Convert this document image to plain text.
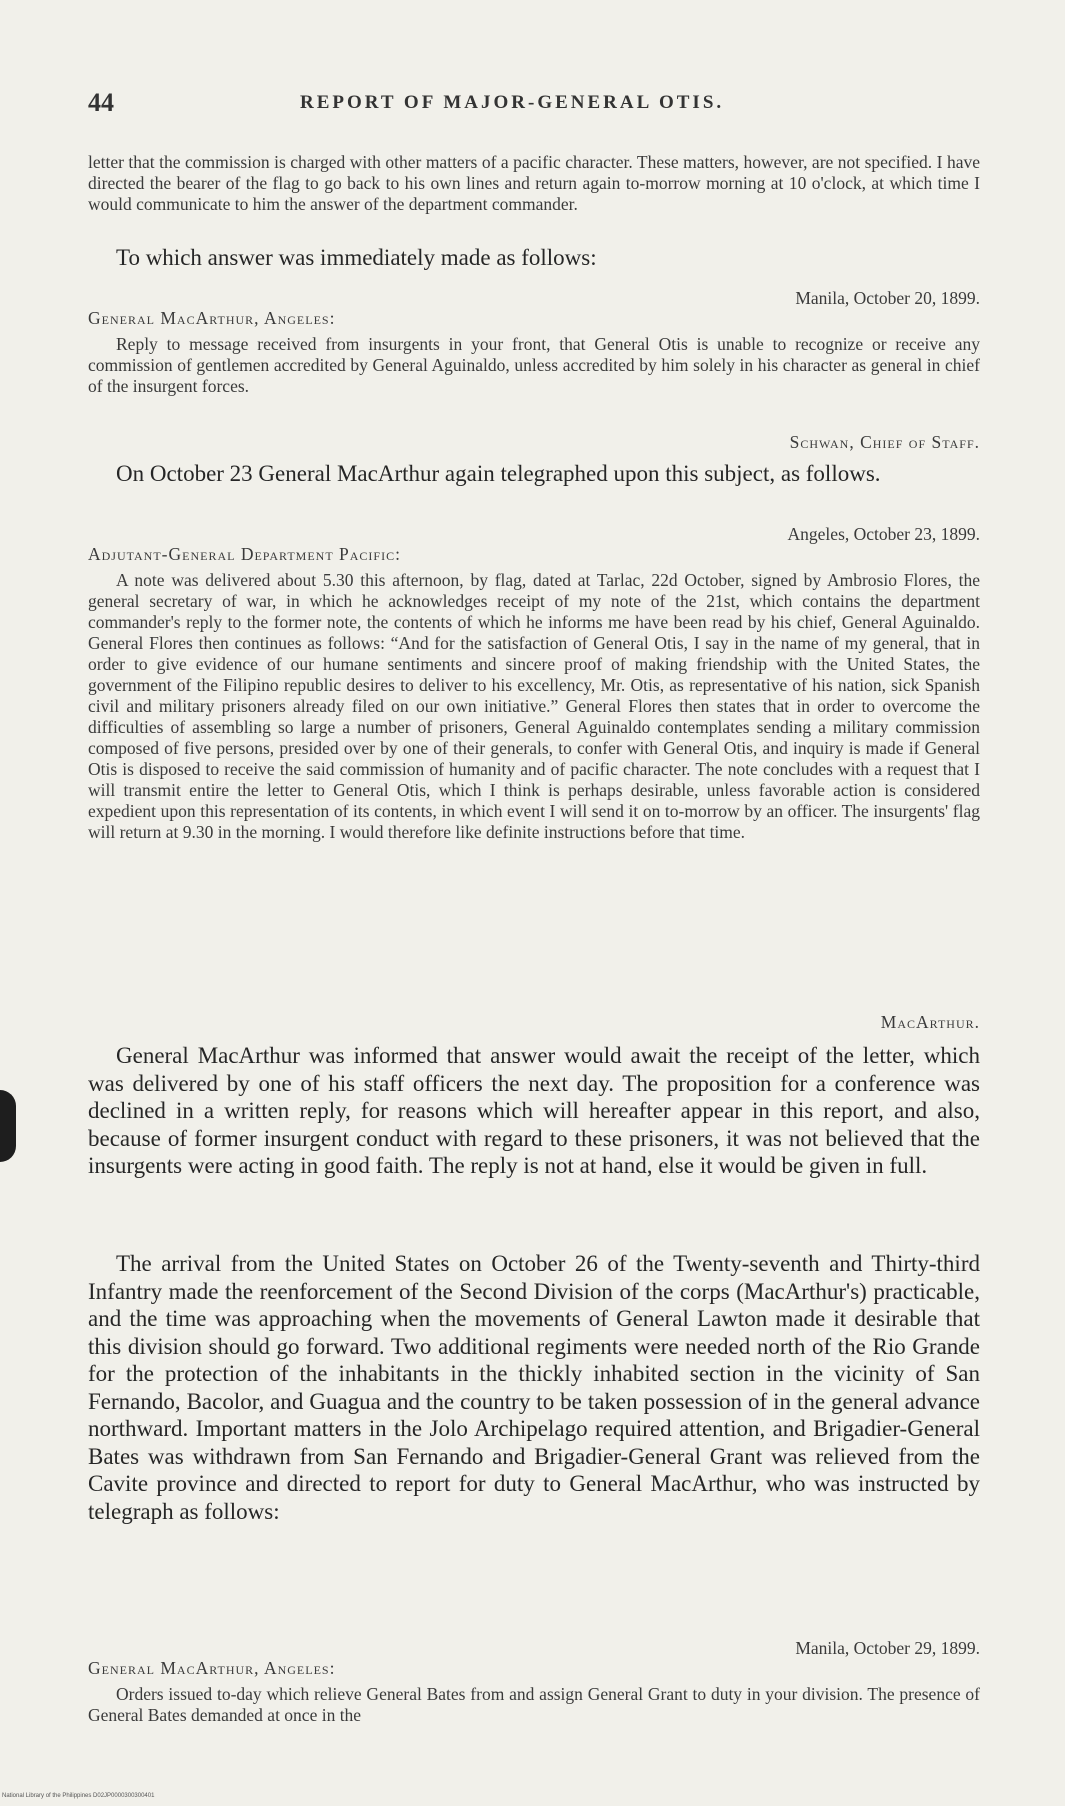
44	REPORT OF MAJOR-GENERAL OTIS.
letter that the commission is charged with other matters of a pacific character. These matters, however, are not specified. I have directed the bearer of the flag to go back to his own lines and return again to-morrow morning at 10 o'clock, at which time I would communicate to him the answer of the department commander.
To which answer was immediately made as follows:
Manila, October 20, 1899.
General MacArthur, Angeles:
Reply to message received from insurgents in your front, that General Otis is unable to recognize or receive any commission of gentlemen accredited by General Aguinaldo, unless accredited by him solely in his character as general in chief of the insurgent forces.
Schwan, Chief of Staff.
On October 23 General MacArthur again telegraphed upon this subject, as follows.
Angeles, October 23, 1899.
Adjutant-General Department Pacific:
A note was delivered about 5.30 this afternoon, by flag, dated at Tarlac, 22d October, signed by Ambrosio Flores, the general secretary of war, in which he acknowledges receipt of my note of the 21st, which contains the department commander's reply to the former note, the contents of which he informs me have been read by his chief, General Aguinaldo. General Flores then continues as follows: “And for the satisfaction of General Otis, I say in the name of my general, that in order to give evidence of our humane sentiments and sincere proof of making friendship with the United States, the government of the Filipino republic desires to deliver to his excellency, Mr. Otis, as representative of his nation, sick Spanish civil and military prisoners already filed on our own initiative.” General Flores then states that in order to overcome the difficulties of assembling so large a number of prisoners, General Aguinaldo contemplates sending a military commission composed of five persons, presided over by one of their generals, to confer with General Otis, and inquiry is made if General Otis is disposed to receive the said commission of humanity and of pacific character. The note concludes with a request that I will transmit entire the letter to General Otis, which I think is perhaps desirable, unless favorable action is considered expedient upon this representation of its contents, in which event I will send it on to-morrow by an officer. The insurgents' flag will return at 9.30 in the morning. I would therefore like definite instructions before that time.
MacArthur.
General MacArthur was informed that answer would await the receipt of the letter, which was delivered by one of his staff officers the next day. The proposition for a conference was declined in a written reply, for reasons which will hereafter appear in this report, and also, because of former insurgent conduct with regard to these prisoners, it was not believed that the insurgents were acting in good faith. The reply is not at hand, else it would be given in full.
The arrival from the United States on October 26 of the Twenty-seventh and Thirty-third Infantry made the reenforcement of the Second Division of the corps (MacArthur's) practicable, and the time was approaching when the movements of General Lawton made it desirable that this division should go forward. Two additional regiments were needed north of the Rio Grande for the protection of the inhabitants in the thickly inhabited section in the vicinity of San Fernando, Bacolor, and Guagua and the country to be taken possession of in the general advance northward. Important matters in the Jolo Archipelago required attention, and Brigadier-General Bates was withdrawn from San Fernando and Brigadier-General Grant was relieved from the Cavite province and directed to report for duty to General MacArthur, who was instructed by telegraph as follows:
Manila, October 29, 1899.
General MacArthur, Angeles:
Orders issued to-day which relieve General Bates from and assign General Grant to duty in your division. The presence of General Bates demanded at once in the
National Library of the Philippines D02JP0000300300401
